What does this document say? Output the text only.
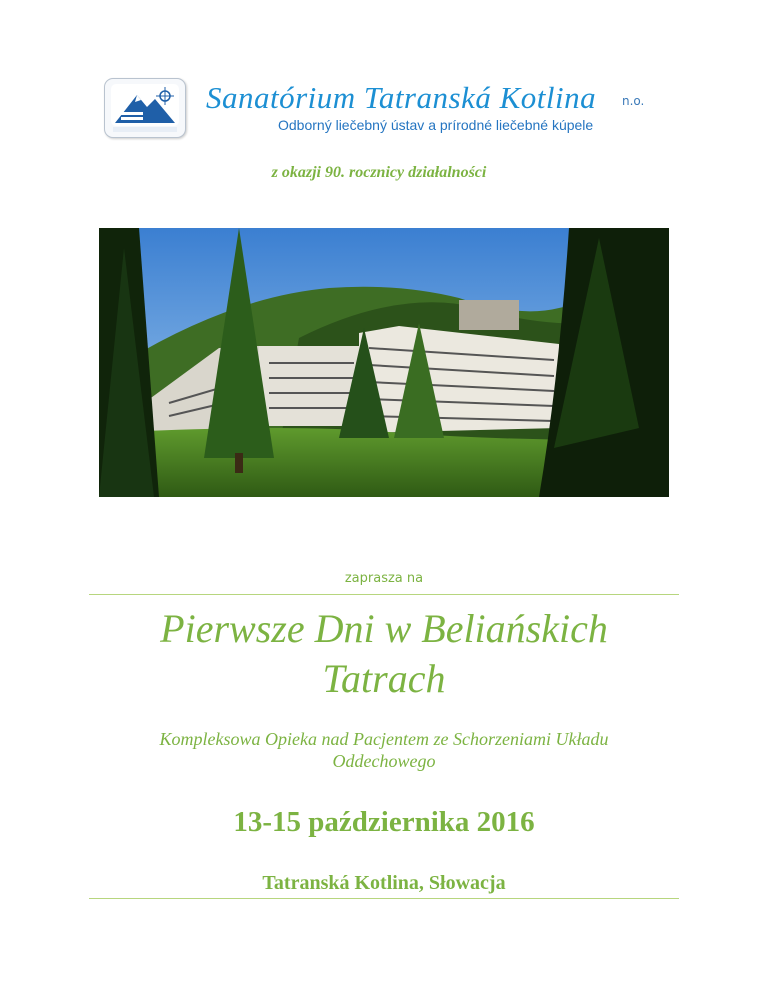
Sanatórium Tatranská Kotlina n.o.
Odborný liečebný ústav a prírodné liečebné kúpele
z okazji 90. rocznicy działalności
zaprasza na
Pierwsze Dni w Beliańskich
Tatrach
Kompleksowa Opieka nad Pacjentem ze Schorzeniami Układu
Oddechowego
13-15 października 2016
Tatranská Kotlina, Słowacja
